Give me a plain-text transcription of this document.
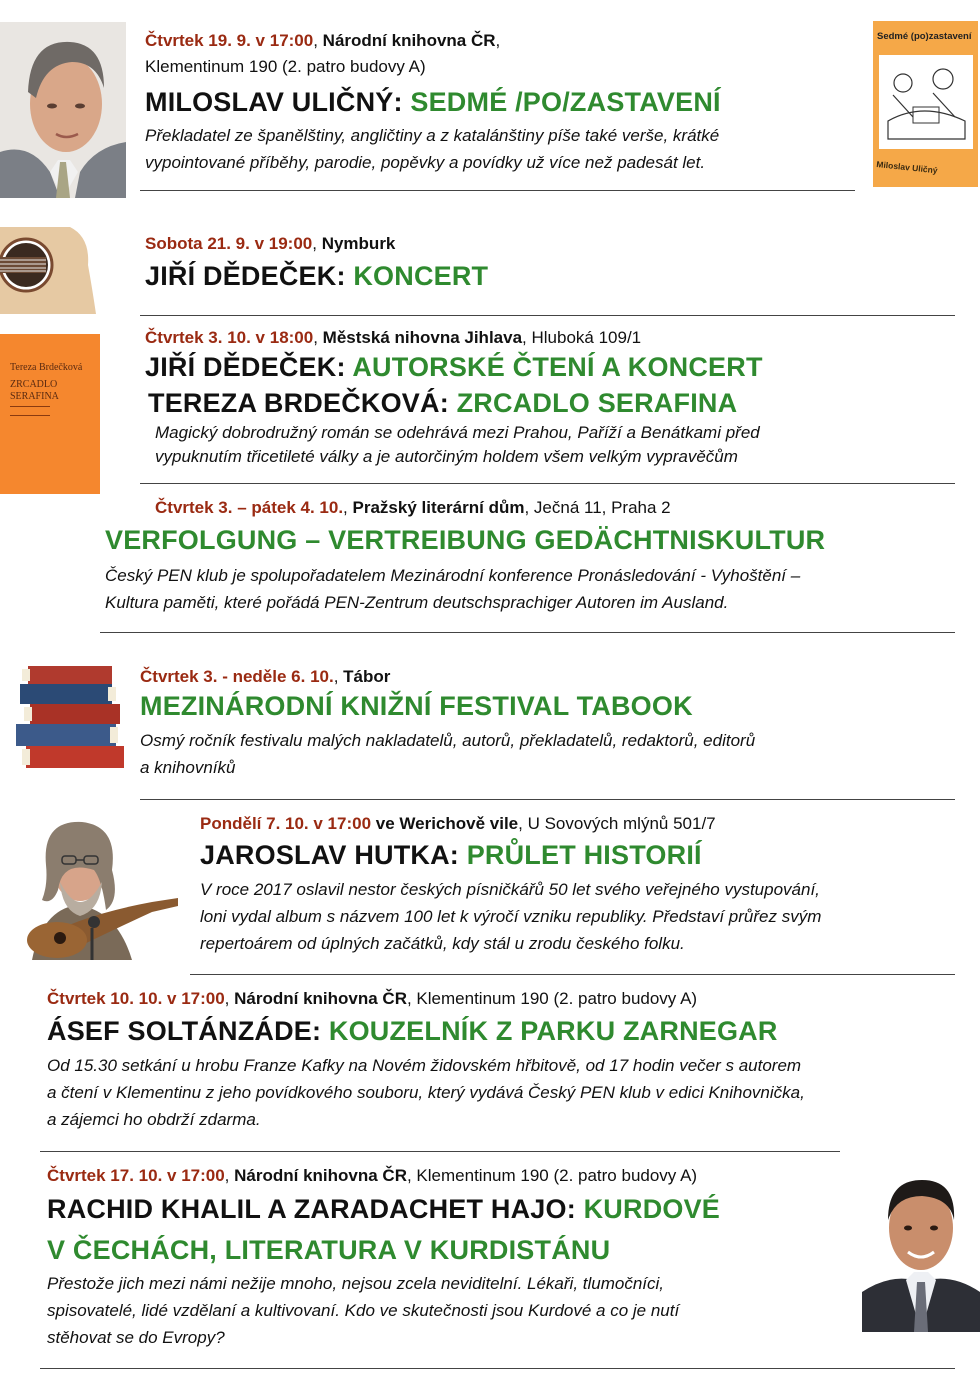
Čtvrtek 19. 9. v 17:00, Národní knihovna ČR,
Klementinum 190 (2. patro budovy A)
MILOSLAV ULIČNÝ: SEDMÉ /PO/ZASTAVENÍ
Překladatel ze španělštiny, angličtiny a z katalánštiny píše také verše, krátké
vypointované příběhy, parodie, popěvky a povídky už více než padesát let.
Sedmé (po)zastavení
Miloslav Uličný
Sobota 21. 9. v 19:00, Nymburk
JIŘÍ DĚDEČEK: KONCERT
Tereza Brdečková
ZRCADLO
SERAFINA
Čtvrtek 3. 10. v 18:00, Městská nihovna Jihlava, Hluboká 109/1
JIŘÍ DĚDEČEK: AUTORSKÉ ČTENÍ A KONCERT
TEREZA BRDEČKOVÁ: ZRCADLO SERAFINA
Magický dobrodružný román se odehrává mezi Prahou, Paříží a Benátkami před
vypuknutím třicetileté války a je autorčiným holdem všem velkým vypravěčům
Čtvrtek 3. – pátek 4. 10., Pražský literární dům, Ječná 11, Praha 2
VERFOLGUNG – VERTREIBUNG GEDÄCHTNISKULTUR
Český PEN klub je spolupořadatelem Mezinárodní konference Pronásledování - Vyhoštění –
Kultura paměti, které pořádá PEN-Zentrum deutschsprachiger Autoren im Ausland.
Čtvrtek 3. - neděle 6. 10., Tábor
MEZINÁRODNÍ KNIŽNÍ FESTIVAL TABOOK
Osmý ročník festivalu malých nakladatelů, autorů, překladatelů, redaktorů, editorů
a knihovníků
Pondělí 7. 10. v 17:00 ve Werichově vile, U Sovových mlýnů 501/7
JAROSLAV HUTKA: PRŮLET HISTORIÍ
V roce 2017 oslavil nestor českých písničkářů 50 let svého veřejného vystupování,
loni vydal album s názvem 100 let k výročí vzniku republiky. Představí průřez svým
repertoárem od úplných začátků, kdy stál u zrodu českého folku.
Čtvrtek 10. 10. v 17:00, Národní knihovna ČR, Klementinum 190 (2. patro budovy A)
ÁSEF SOLTÁNZÁDE: KOUZELNÍK Z PARKU ZARNEGAR
Od 15.30 setkání u hrobu Franze Kafky na Novém židovském hřbitově, od 17 hodin večer s autorem
a čtení v Klementinu z jeho povídkového souboru, který vydává Český PEN klub v edici Knihovnička,
a zájemci ho obdrží zdarma.
Čtvrtek 17. 10. v 17:00, Národní knihovna ČR, Klementinum 190 (2. patro budovy A)
RACHID KHALIL A ZARADACHET HAJO: KURDOVÉ
V ČECHÁCH, LITERATURA V KURDISTÁNU
Přestože jich mezi námi nežije mnoho, nejsou zcela neviditelní. Lékaři, tlumočníci,
spisovatelé, lidé vzdělaní a kultivovaní. Kdo ve skutečnosti jsou Kurdové a co je nutí
stěhovat se do Evropy?
